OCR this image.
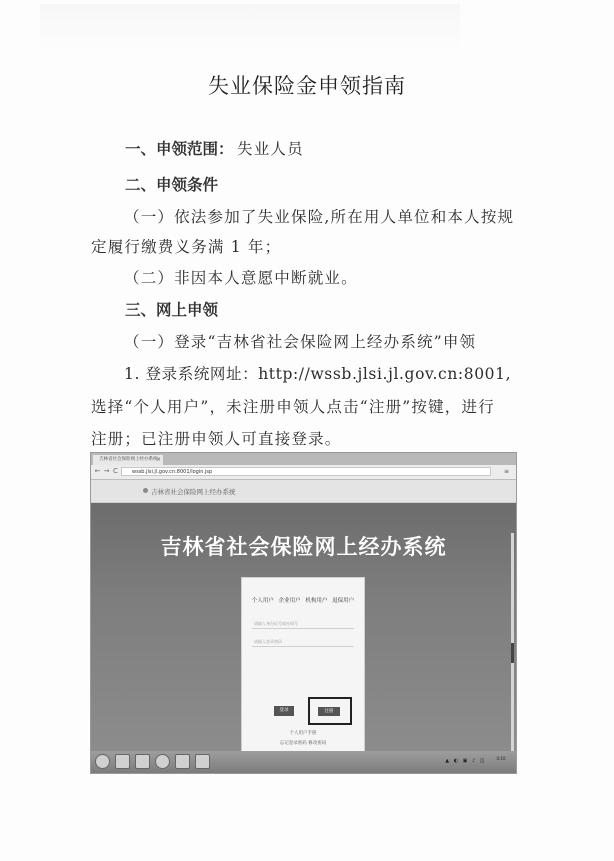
失业保险金申领指南
一、申领范围： 失业人员
二、申领条件
（一）依法参加了失业保险,所在用人单位和本人按规
定履行缴费义务满 1 年；
（二）非因本人意愿中断就业。
三、网上申领
（一）登录“吉林省社会保险网上经办系统”申领
1. 登录系统网址：http://wssb.jlsi.jl.gov.cn:8001,
选择“个人用户”，未注册申领人点击“注册”按键，进行
注册；已注册申领人可直接登录。
吉林省社会保险网上经办系统
×
← → C	wssb.jlsi.jl.gov.cn:8001/login.jsp	≡
吉林省社会保险网上经办系统
吉林省社会保险网上经办系统
个人用户 企业用户 机构用户 退保用户
请输入身份证号或社保号
请输入登录密码
登录	注册
个人用户手册
忘记登录密码 修改密码
▲ ◐ ▣ ♪ ◫	0:10
